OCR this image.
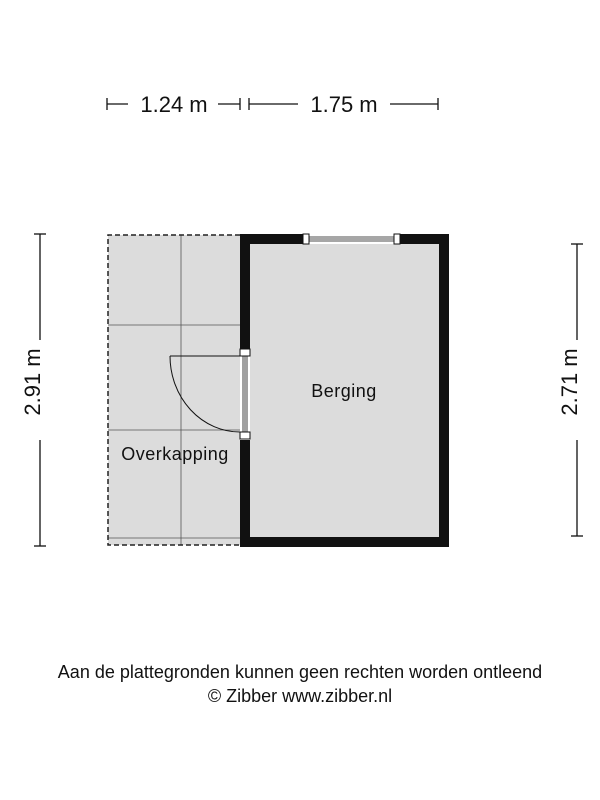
1.24 m	1.75 m
2.91 m	2.71 m
Berging
Overkapping
Aan de plattegronden kunnen geen rechten worden ontleend
© Zibber www.zibber.nl
